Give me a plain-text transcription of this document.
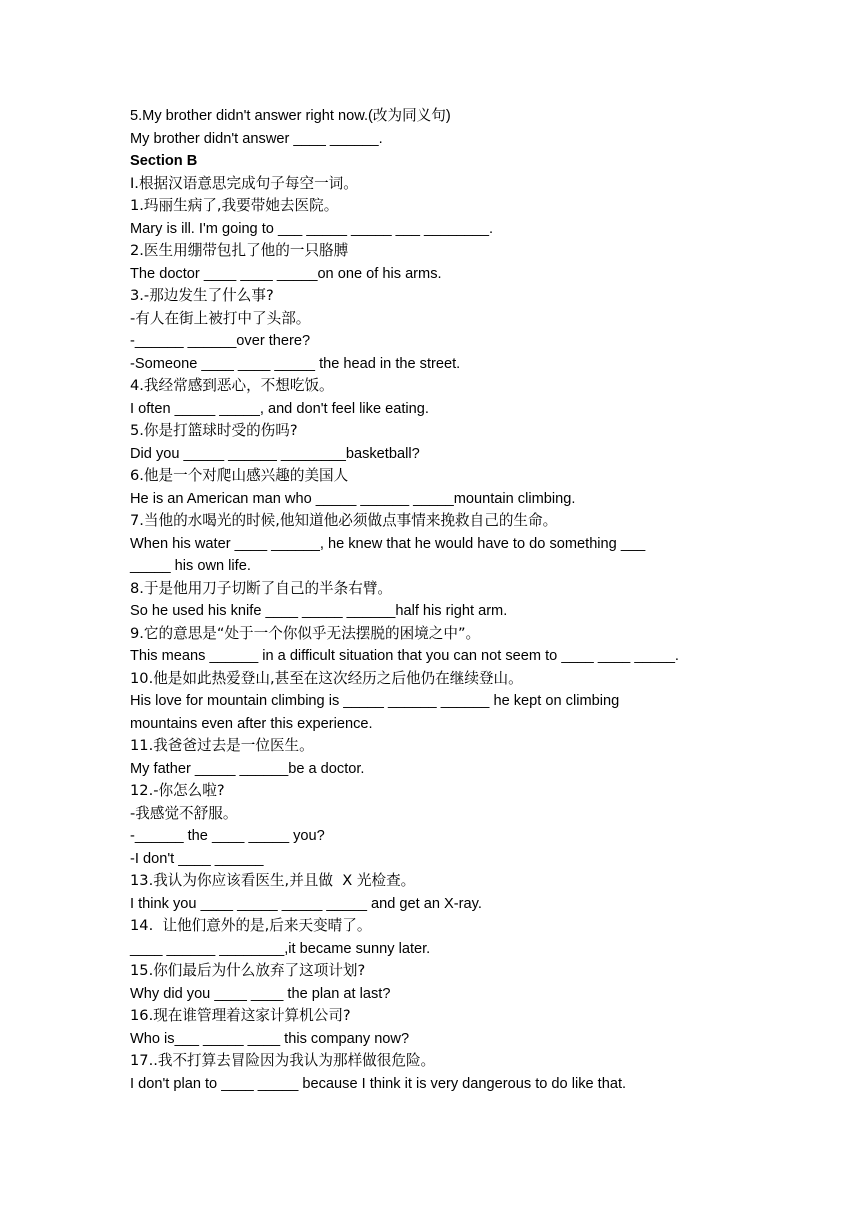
5.My brother didn't answer right now.(改为同义句)
My brother didn't answer ____ ______.
Section B
Ⅰ.根据汉语意思完成句子每空一词。
1.玛丽生病了,我要带她去医院。
Mary is ill. I'm going to ___ _____ _____ ___ ________.
2.医生用绷带包扎了他的一只胳膊
The doctor ____ ____ _____on one of his arms.
3.-那边发生了什么事?
-有人在街上被打中了头部。
-______ ______over there?
-Someone ____ ____ _____ the head in the street.
4.我经常感到恶心，不想吃饭。
I often _____ _____, and don't feel like eating.
5.你是打篮球时受的伤吗?
Did you _____ ______ ________basketball?
6.他是一个对爬山感兴趣的美国人
He is an American man who _____ ______ _____mountain climbing.
7.当他的水喝光的时候,他知道他必须做点事情来挽救自己的生命。
When his water ____ ______, he knew that he would have to do something ___
_____ his own life.
8.于是他用刀子切断了自己的半条右臂。
So he used his knife ____ _____ ______half his right arm.
9.它的意思是“处于一个你似乎无法摆脱的困境之中”。
This means ______ in a difficult situation that you can not seem to ____ ____ _____.
10.他是如此热爱登山,甚至在这次经历之后他仍在继续登山。
His love for mountain climbing is _____ ______ ______ he kept on climbing
mountains even after this experience.
11.我爸爸过去是一位医生。
My father _____ ______be a doctor.
12.-你怎么啦?
-我感觉不舒服。
-______ the ____ _____ you?
-I don't ____ ______
13.我认为你应该看医生,并且做  X 光检查。
I think you ____ _____ _____ _____ and get an X-ray.
14.  让他们意外的是,后来天变晴了。
____ ______ ________,it became sunny later.
15.你们最后为什么放弃了这项计划?
Why did you ____ ____ the plan at last?
16.现在谁管理着这家计算机公司?
Who is___ _____ ____ this company now?
17..我不打算去冒险因为我认为那样做很危险。
I don't plan to ____ _____ because I think it is very dangerous to do like that.
